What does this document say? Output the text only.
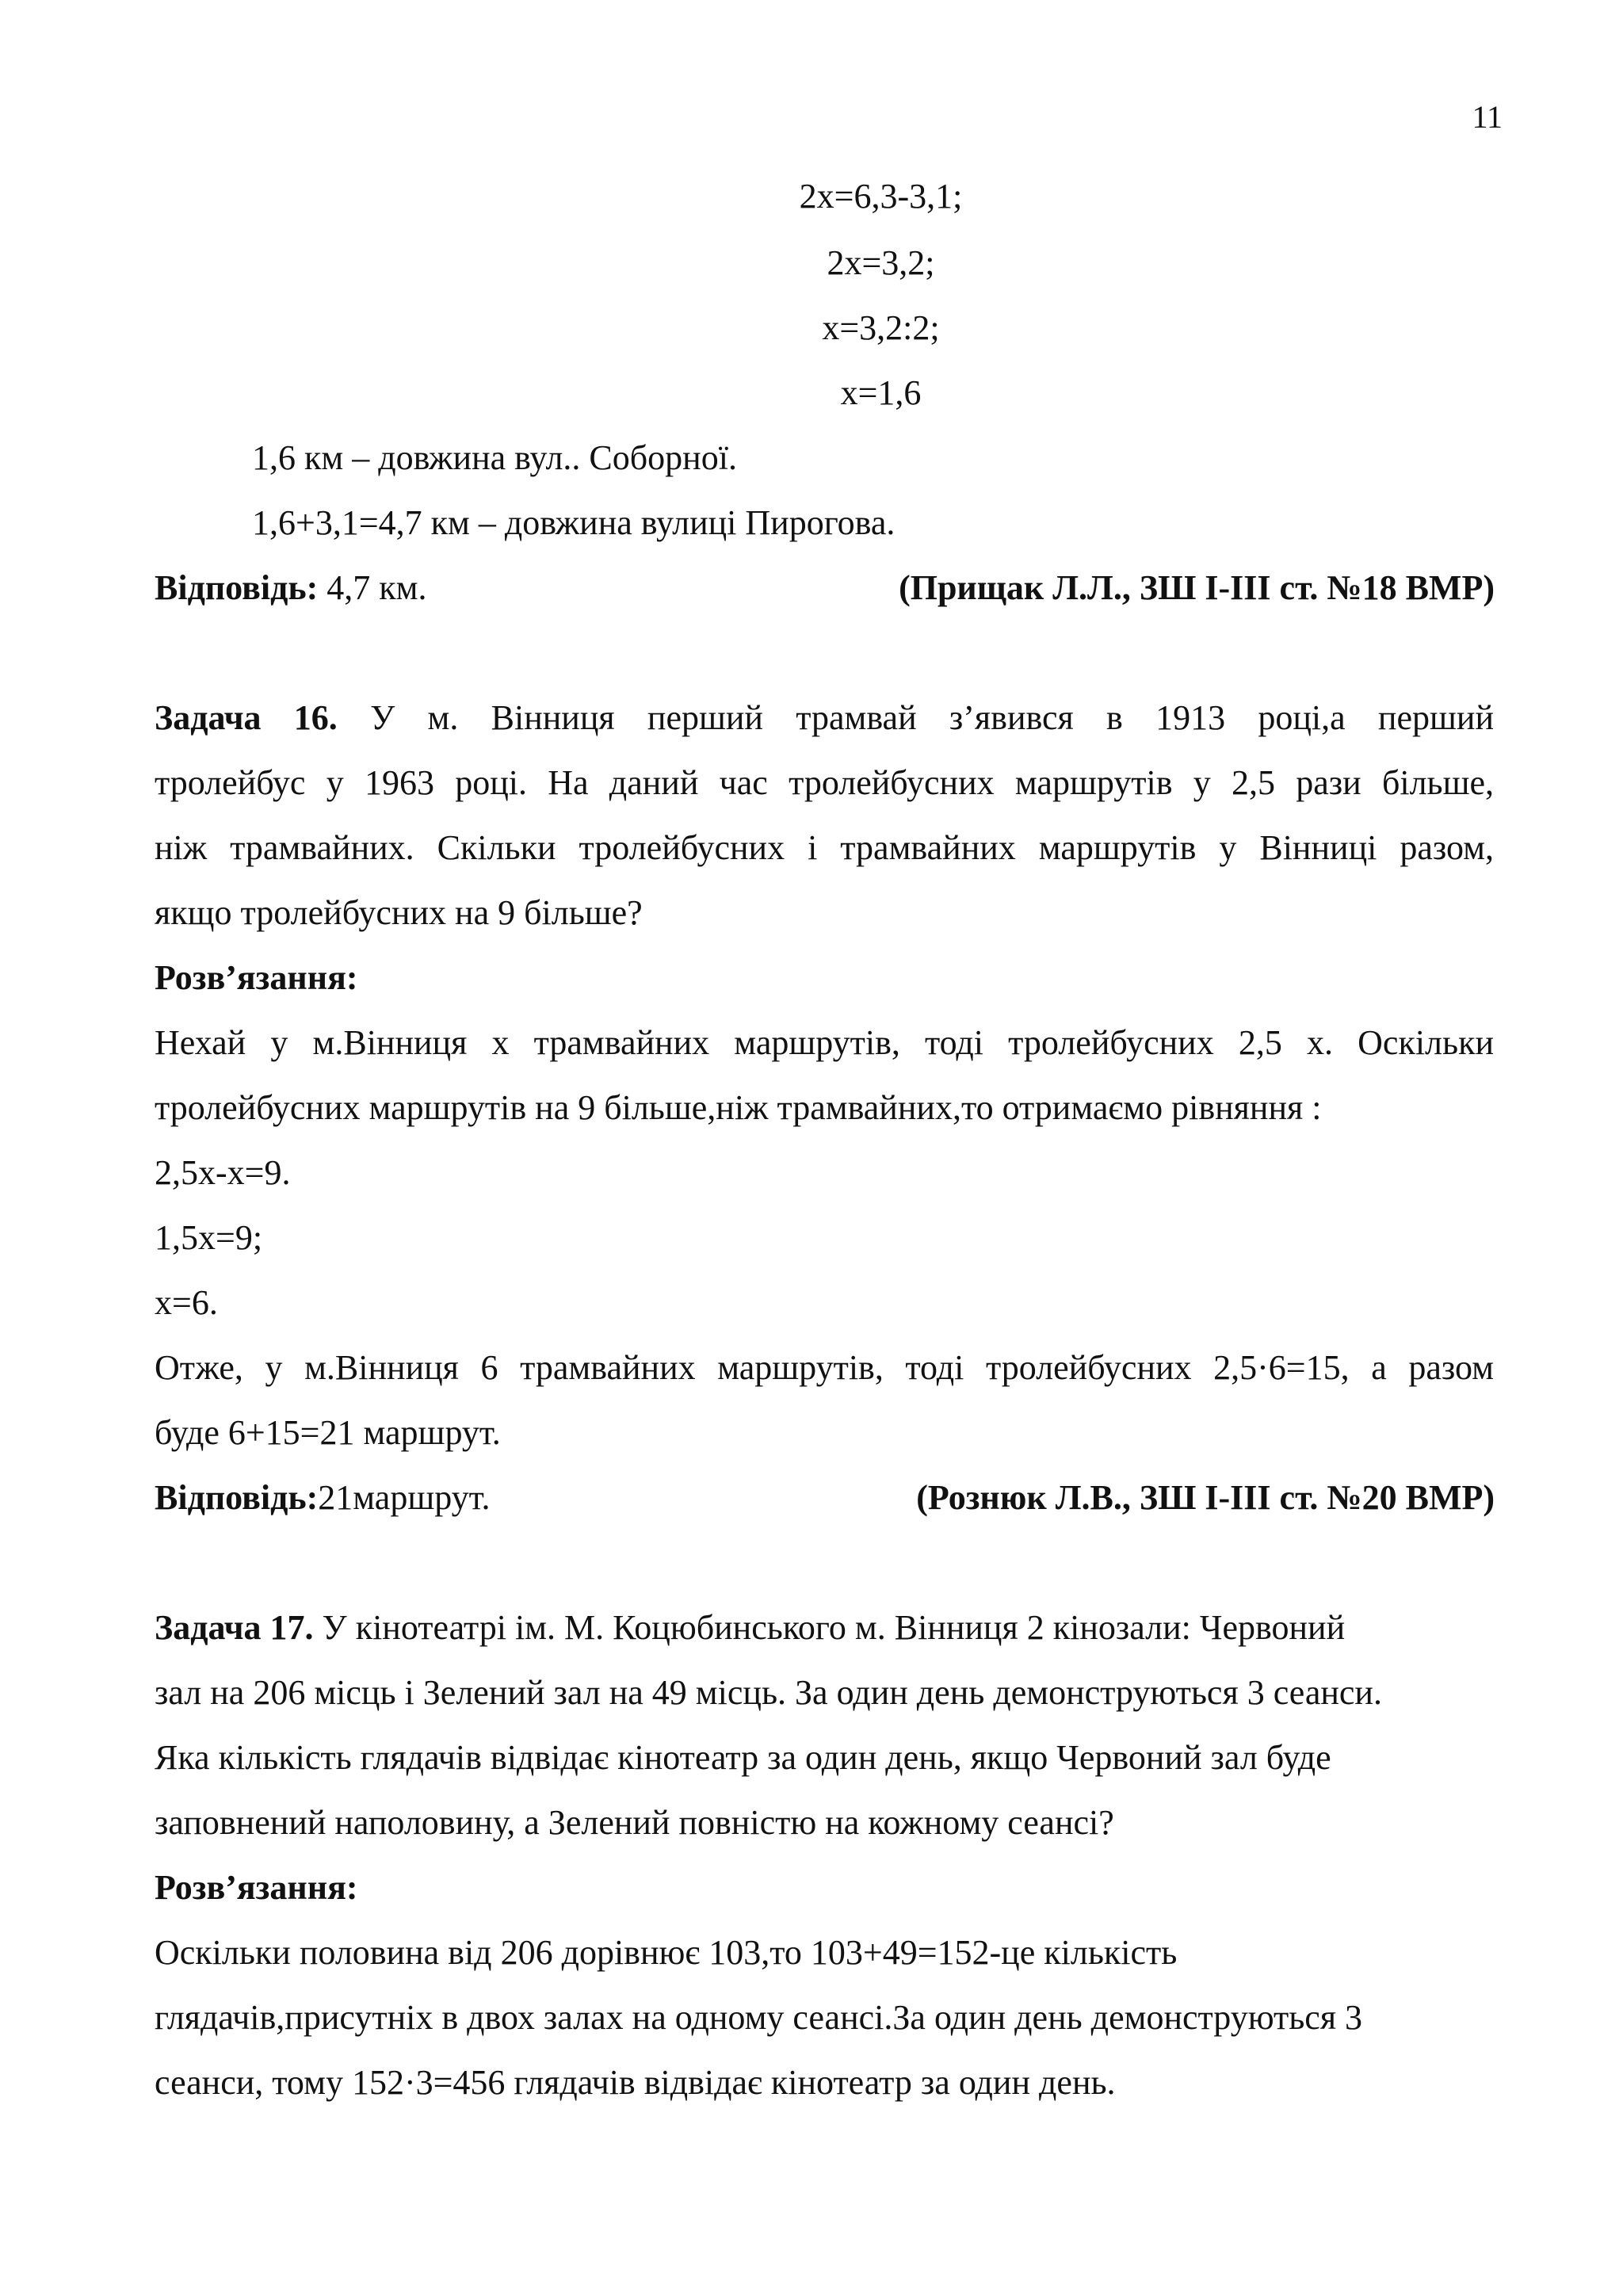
11
2x=6,3-3,1;
2x=3,2;
x=3,2:2;
x=1,6
1,6 км – довжина вул.. Соборної.
1,6+3,1=4,7 км – довжина вулиці Пирогова.
Відповідь: 4,7 км.	(Прищак Л.Л., ЗШ І-ІІІ ст. №18 ВМР)
Задача 16. У м. Вінниця перший трамвай з’явився в 1913 році,а перший
тролейбус у 1963 році. На даний час тролейбусних маршрутів у 2,5 рази більше,
ніж трамвайних. Скільки тролейбусних і трамвайних маршрутів у Вінниці разом,
якщо тролейбусних на 9 більше?
Розв’язання:
Нехай у м.Вінниця х трамвайних маршрутів, тоді тролейбусних 2,5 х. Оскільки
тролейбусних маршрутів на 9 більше,ніж трамвайних,то отримаємо рівняння :
2,5х-х=9.
1,5х=9;
х=6.
Отже, у м.Вінниця 6 трамвайних маршрутів, тоді тролейбусних 2,5·6=15, а разом
буде 6+15=21 маршрут.
Відповідь:21маршрут.	(Рознюк Л.В., ЗШ І-ІІІ ст. №20 ВМР)
Задача 17. У кінотеатрі ім. М. Коцюбинського м. Вінниця 2 кінозали: Червоний
зал на 206 місць і Зелений зал на 49 місць. За один день демонструються 3 сеанси.
Яка кількість глядачів відвідає кінотеатр за один день, якщо Червоний зал буде
заповнений наполовину, а Зелений повністю на кожному сеансі?
Розв’язання:
Оскільки половина від 206 дорівнює 103,то 103+49=152-це кількість
глядачів,присутніх в двох залах на одному сеансі.За один день демонструються 3
сеанси, тому 152·3=456 глядачів відвідає кінотеатр за один день.
